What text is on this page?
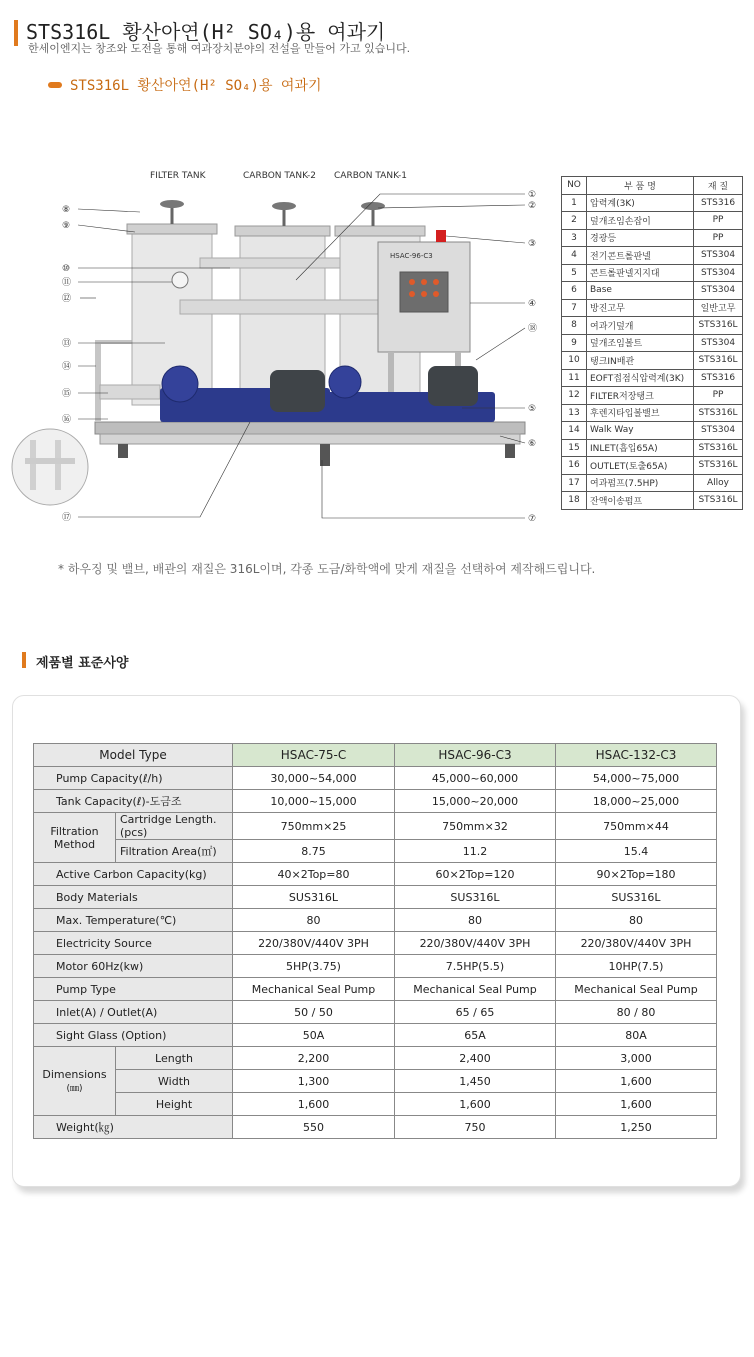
STS316L 황산아연(H² SO₄)용 여과기
한세이엔지는 창조와 도전을 통해 여과장치분야의 전설을 만들어 가고 있습니다.
STS316L 황산아연(H² SO₄)용 여과기
FILTER TANK	CARBON TANK-2 CARBON TANK-1
HSAC-96-C3
⑧
⑨
⑩
⑪
⑫
⑬
⑭
⑮
⑯
⑰
①
②
③
④
⑱
⑤
⑥
⑦
NO	부 품 명	재 질
1	압력계(3K)	STS316
2	덮개조임손잡이	PP
3	경광등	PP
4	전기콘트롤판넬	STS304
5	콘트롤판넬지지대	STS304
6	Base	STS304
7	방진고무	일반고무
8	여과기덮개	STS316L
9	덮개조임볼트	STS304
10	탱크IN배관	STS316L
11	EOFT접점식압력계(3K)	STS316
12	FILTER저장탱크	PP
13	후렌지타입볼밸브	STS316L
14	Walk Way	STS304
15	INLET(흡입65A)	STS316L
16	OUTLET(토출65A)	STS316L
17	여과펌프(7.5HP)	Alloy
18	잔액이송펌프	STS316L
* 하우징 및 밸브, 배관의 재질은 316L이며, 각종 도금/화학액에 맞게 재질을 선택하여 제작해드립니다.
제품별 표준사양
Model Type		HSAC-75-C	HSAC-96-C3	HSAC-132-C3
Pump Capacity(ℓ/h)		30,000~54,000	45,000~60,000	54,000~75,000
Tank Capacity(ℓ)-도금조		10,000~15,000	15,000~20,000	18,000~25,000
Filtration
Method	Cartridge Length.(pcs)	750mm×25	750mm×32	750mm×44
	Filtration Area(㎡)	8.75	11.2	15.4
Active Carbon Capacity(kg)		40×2Top=80	60×2Top=120	90×2Top=180
Body Materials		SUS316L	SUS316L	SUS316L
Max. Temperature(℃)		80	80	80
Electricity Source		220/380V/440V 3PH	220/380V/440V 3PH	220/380V/440V 3PH
Motor 60Hz(kw)		5HP(3.75)	7.5HP(5.5)	10HP(7.5)
Pump Type		Mechanical Seal Pump	Mechanical Seal Pump	Mechanical Seal Pump
Inlet(A) / Outlet(A)		50 / 50	65 / 65	80 / 80
Sight Glass (Option)		50A	65A	80A
Dimensions
(㎜)	Length	2,200	2,400	3,000
	Width	1,300	1,450	1,600
	Height	1,600	1,600	1,600
Weight(㎏)		550	750	1,250
